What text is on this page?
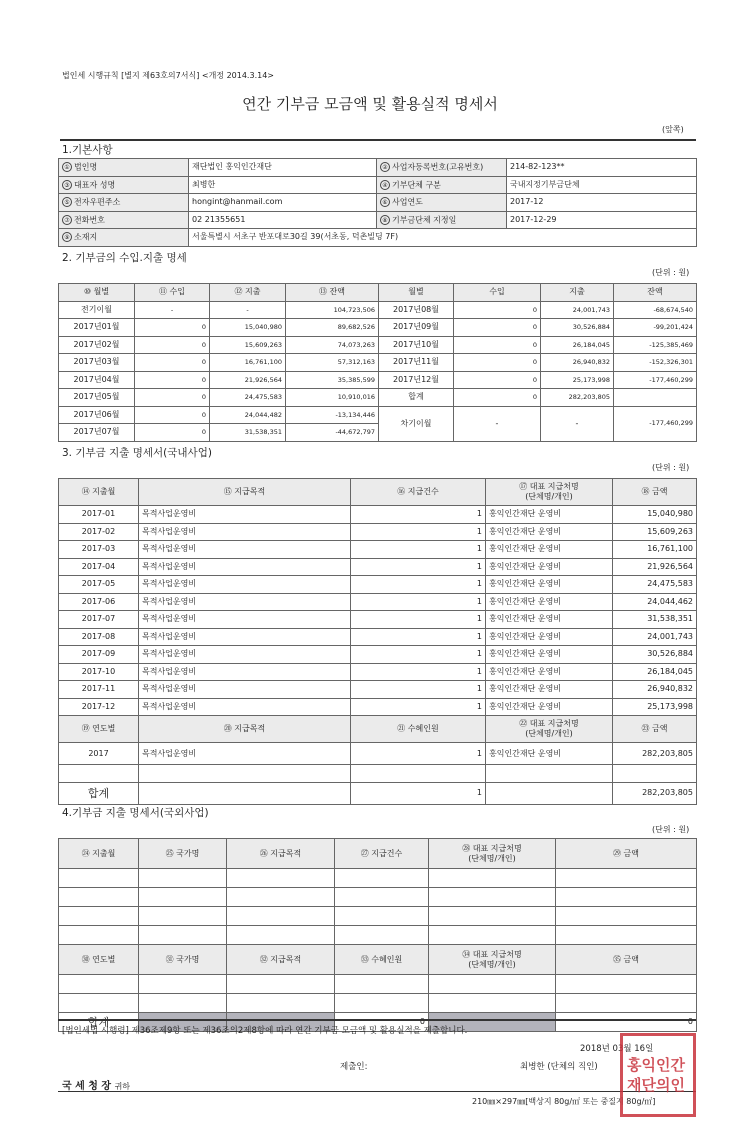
법인세 시행규칙 [별지 제63호의7서식] <개정 2014.3.14>
연간 기부금 모금액 및 활용실적 명세서
(앞쪽)
1.기본사항
① 법인명	재단법인 홍익인간재단	② 사업자등록번호(고유번호)	214-82-123**
③ 대표자 성명	최병한	④ 기부단체 구분	국내지정기부금단체
⑤ 전자우편주소	hongint@hanmail.com	⑥ 사업연도	2017-12
⑦ 전화번호	02 21355651	⑧ 기부금단체 지정일	2017-12-29
⑨ 소재지	서울특별시 서초구 반포대로30길 39(서초동, 덕촌빌딩 7F)		
2. 기부금의 수입.지출 명세
(단위 : 원)
⑩ 월별	⑪ 수입	⑫ 지출	⑬ 잔액	월별	수입	지출	잔액
전기이월	-	-	104,723,506	2017년08월	0	24,001,743	-68,674,540
2017년01월	0	15,040,980	89,682,526	2017년09월	0	30,526,884	-99,201,424
2017년02월	0	15,609,263	74,073,263	2017년10월	0	26,184,045	-125,385,469
2017년03월	0	16,761,100	57,312,163	2017년11월	0	26,940,832	-152,326,301
2017년04월	0	21,926,564	35,385,599	2017년12월	0	25,173,998	-177,460,299
2017년05월	0	24,475,583	10,910,016	합계	0	282,203,805	
2017년06월	0	24,044,482	-13,134,446	차기이월	-	-	-177,460,299
2017년07월	0	31,538,351	-44,672,797				
3. 기부금 지출 명세서(국내사업)
(단위 : 원)
⑭ 지출월	⑮ 지급목적	⑯ 지급건수	⑰ 대표 지급처명
(단체명/개인)	⑱ 금액
2017-01	목적사업운영비	1	홍익인간재단 운영비	15,040,980
2017-02	목적사업운영비	1	홍익인간재단 운영비	15,609,263
2017-03	목적사업운영비	1	홍익인간재단 운영비	16,761,100
2017-04	목적사업운영비	1	홍익인간재단 운영비	21,926,564
2017-05	목적사업운영비	1	홍익인간재단 운영비	24,475,583
2017-06	목적사업운영비	1	홍익인간재단 운영비	24,044,462
2017-07	목적사업운영비	1	홍익인간재단 운영비	31,538,351
2017-08	목적사업운영비	1	홍익인간재단 운영비	24,001,743
2017-09	목적사업운영비	1	홍익인간재단 운영비	30,526,884
2017-10	목적사업운영비	1	홍익인간재단 운영비	26,184,045
2017-11	목적사업운영비	1	홍익인간재단 운영비	26,940,832
2017-12	목적사업운영비	1	홍익인간재단 운영비	25,173,998
⑲ 연도별	⑳ 지급목적	㉑ 수혜인원	㉒ 대표 지급처명
(단체명/개인)	㉓ 금액
2017	목적사업운영비	1	홍익인간재단 운영비	282,203,805

합계		1		282,203,805
4.기부금 지출 명세서(국외사업)
(단위 : 원)
㉔ 지출월	㉕ 국가명	㉖ 지급목적	㉗ 지급건수	㉘ 대표 지급처명
(단체명/개인)	㉙ 금액

㉚ 연도별	㉛ 국가명	㉜ 지급목적	㉝ 수혜인원	㉞ 대표 지급처명
(단체명/개인)	㉟ 금액

합계			0		0
[법인세법 시행령] 제36조제9항 또는 제36조의2제8항에 따라 연간 기부금 모금액 및 활용실적을 제출합니다.
2018년 03월 16일
제출인:	최병한 (단체의 직인)
국 세 청 장 귀하
210㎜×297㎜[백상지 80g/㎡ 또는 중질지 80g/㎡]
홍익인간재단의인
